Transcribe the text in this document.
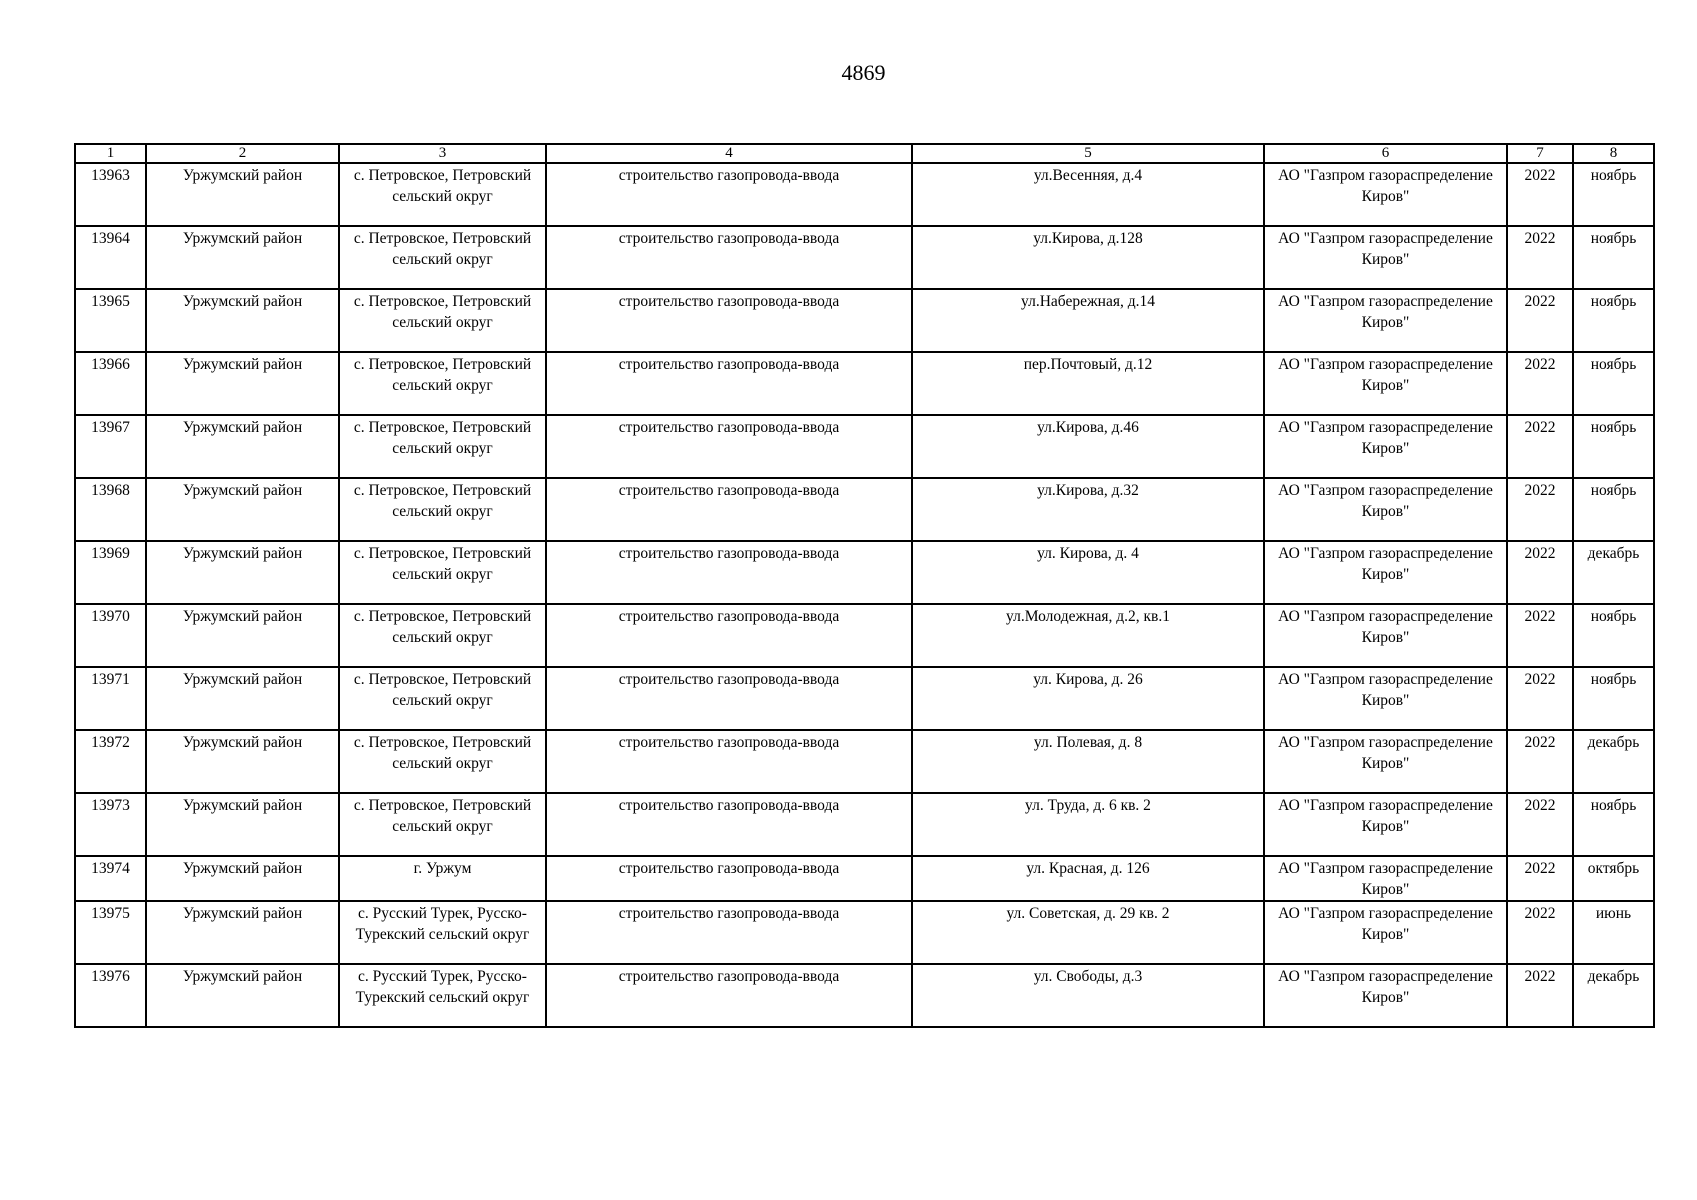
4869
1	2	3	4	5	6	7	8
13963	Уржумский район	с. Петровское, Петровский сельский округ	строительство газопровода-ввода	ул.Весенняя, д.4	АО "Газпром газораспределение Киров"	2022	ноябрь
13964	Уржумский район	с. Петровское, Петровский сельский округ	строительство газопровода-ввода	ул.Кирова, д.128	АО "Газпром газораспределение Киров"	2022	ноябрь
13965	Уржумский район	с. Петровское, Петровский сельский округ	строительство газопровода-ввода	ул.Набережная, д.14	АО "Газпром газораспределение Киров"	2022	ноябрь
13966	Уржумский район	с. Петровское, Петровский сельский округ	строительство газопровода-ввода	пер.Почтовый, д.12	АО "Газпром газораспределение Киров"	2022	ноябрь
13967	Уржумский район	с. Петровское, Петровский сельский округ	строительство газопровода-ввода	ул.Кирова, д.46	АО "Газпром газораспределение Киров"	2022	ноябрь
13968	Уржумский район	с. Петровское, Петровский сельский округ	строительство газопровода-ввода	ул.Кирова, д.32	АО "Газпром газораспределение Киров"	2022	ноябрь
13969	Уржумский район	с. Петровское, Петровский сельский округ	строительство газопровода-ввода	ул. Кирова, д. 4	АО "Газпром газораспределение Киров"	2022	декабрь
13970	Уржумский район	с. Петровское, Петровский сельский округ	строительство газопровода-ввода	ул.Молодежная, д.2, кв.1	АО "Газпром газораспределение Киров"	2022	ноябрь
13971	Уржумский район	с. Петровское, Петровский сельский округ	строительство газопровода-ввода	ул. Кирова, д. 26	АО "Газпром газораспределение Киров"	2022	ноябрь
13972	Уржумский район	с. Петровское, Петровский сельский округ	строительство газопровода-ввода	ул. Полевая, д. 8	АО "Газпром газораспределение Киров"	2022	декабрь
13973	Уржумский район	с. Петровское, Петровский сельский округ	строительство газопровода-ввода	ул. Труда, д. 6 кв. 2	АО "Газпром газораспределение Киров"	2022	ноябрь
13974	Уржумский район	г. Уржум	строительство газопровода-ввода	ул. Красная, д. 126	АО "Газпром газораспределение Киров"	2022	октябрь
13975	Уржумский район	с. Русский Турек, Русско-Турекский сельский округ	строительство газопровода-ввода	ул. Советская, д. 29 кв. 2	АО "Газпром газораспределение Киров"	2022	июнь
13976	Уржумский район	с. Русский Турек, Русско-Турекский сельский округ	строительство газопровода-ввода	ул. Свободы, д.3	АО "Газпром газораспределение Киров"	2022	декабрь
